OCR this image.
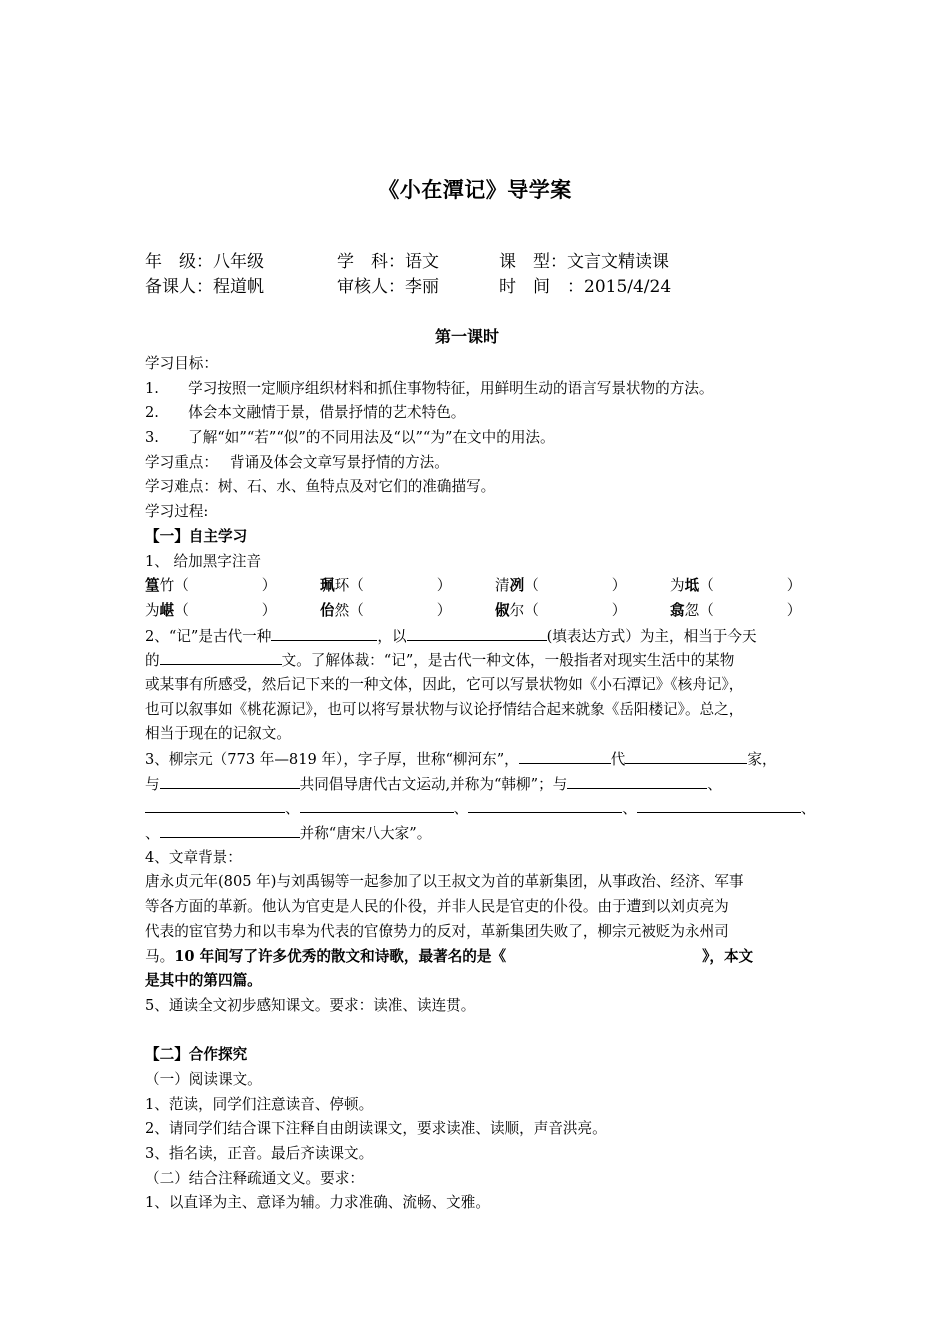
《小在潭记》导学案
年　级：八年级	学　科：语文	课　型：文言文精读课
备课人：程道帆	审核人：李丽	时　间　：2015/4/24
第一课时
学习目标：
1.　　学习按照一定顺序组织材料和抓住事物特征，用鲜明生动的语言写景状物的方法。
2.　　体会本文融情于景，借景抒情的艺术特色。
3.　　了解“如”“若”“似”的不同用法及“以”“为”在文中的用法。
学习重点：　 背诵及体会文章写景抒情的方法。
学习难点：树、石、水、鱼特点及对它们的准确描写。
学习过程:
【一】自主学习
1、 给加黑字注音
篁竹（　　　　　）	珮环（　　　　　）	清冽（　　　　　）	为坻（　　　　　）
为嵁（　　　　　）	佁然（　　　　　）	俶尔（　　　　　）	翕忽（　　　　　）
2、“记”是古代一种	，以	(填表达方式）为主，相当于今天
的	文。了解体裁：“记”，是古代一种文体，一般指者对现实生活中的某物
或某事有所感受，然后记下来的一种文体，因此，它可以写景状物如《小石潭记》《核舟记》，
也可以叙事如《桃花源记》，也可以将写景状物与议论抒情结合起来就象《岳阳楼记》。总之，
相当于现在的记叙文。
3、柳宗元（773 年—819 年），字子厚，世称“柳河东”，	代	家，
与	共同倡导唐代古文运动,并称为“韩柳”；与	、
、	、	、	、
、	并称“唐宋八大家”。
4、文章背景：
唐永贞元年(805 年)与刘禹锡等一起参加了以王叔文为首的革新集团，从事政治、经济、军事
等各方面的革新。他认为官吏是人民的仆役，并非人民是官吏的仆役。由于遭到以刘贞亮为
代表的宦官势力和以韦皋为代表的官僚势力的反对，革新集团失败了，柳宗元被贬为永州司
马。10 年间写了许多优秀的散文和诗歌，最著名的是《	》，本文
是其中的第四篇。
5、通读全文初步感知课文。要求：读准、读连贯。
【二】合作探究
（一）阅读课文。
1、范读，同学们注意读音、停顿。
2、请同学们结合课下注释自由朗读课文，要求读准、读顺，声音洪亮。
3、指名读，正音。最后齐读课文。
（二）结合注释疏通文义。要求：
1、以直译为主、意译为辅。力求准确、流畅、文雅。
